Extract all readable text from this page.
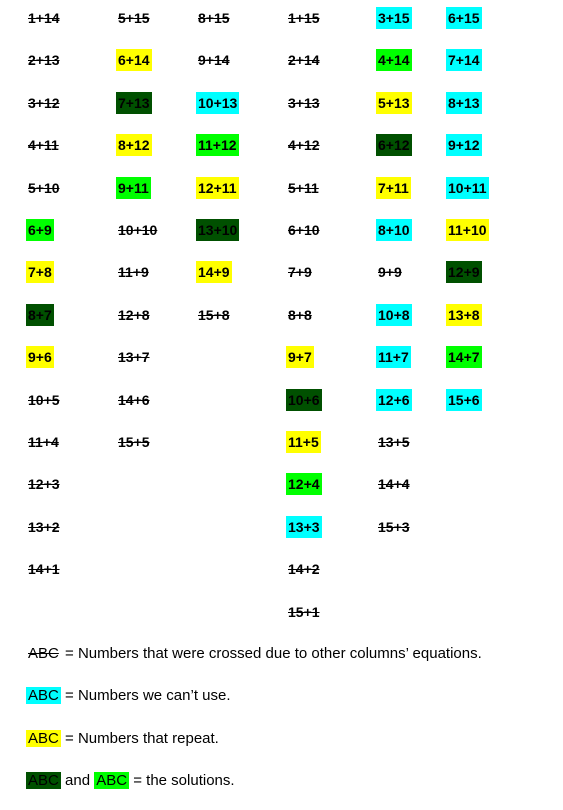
1+14
2+13
3+12
4+11
5+10
6+9
7+8
8+7
9+6
10+5
11+4
12+3
13+2
14+1
5+15
6+14
7+13
8+12
9+11
10+10
11+9
12+8
13+7
14+6
15+5
8+15
9+14
10+13
11+12
12+11
13+10
14+9
15+8
1+15
2+14
3+13
4+12
5+11
6+10
7+9
8+8
9+7
10+6
11+5
12+4
13+3
14+2
15+1
3+15
4+14
5+13
6+12
7+11
8+10
9+9
10+8
11+7
12+6
13+5
14+4
15+3
6+15
7+14
8+13
9+12
10+11
11+10
12+9
13+8
14+7
15+6
ABC = Numbers that were crossed due to other columns’ equations.
ABC = Numbers we can’t use.
ABC = Numbers that repeat.
ABC and ABC = the solutions.
